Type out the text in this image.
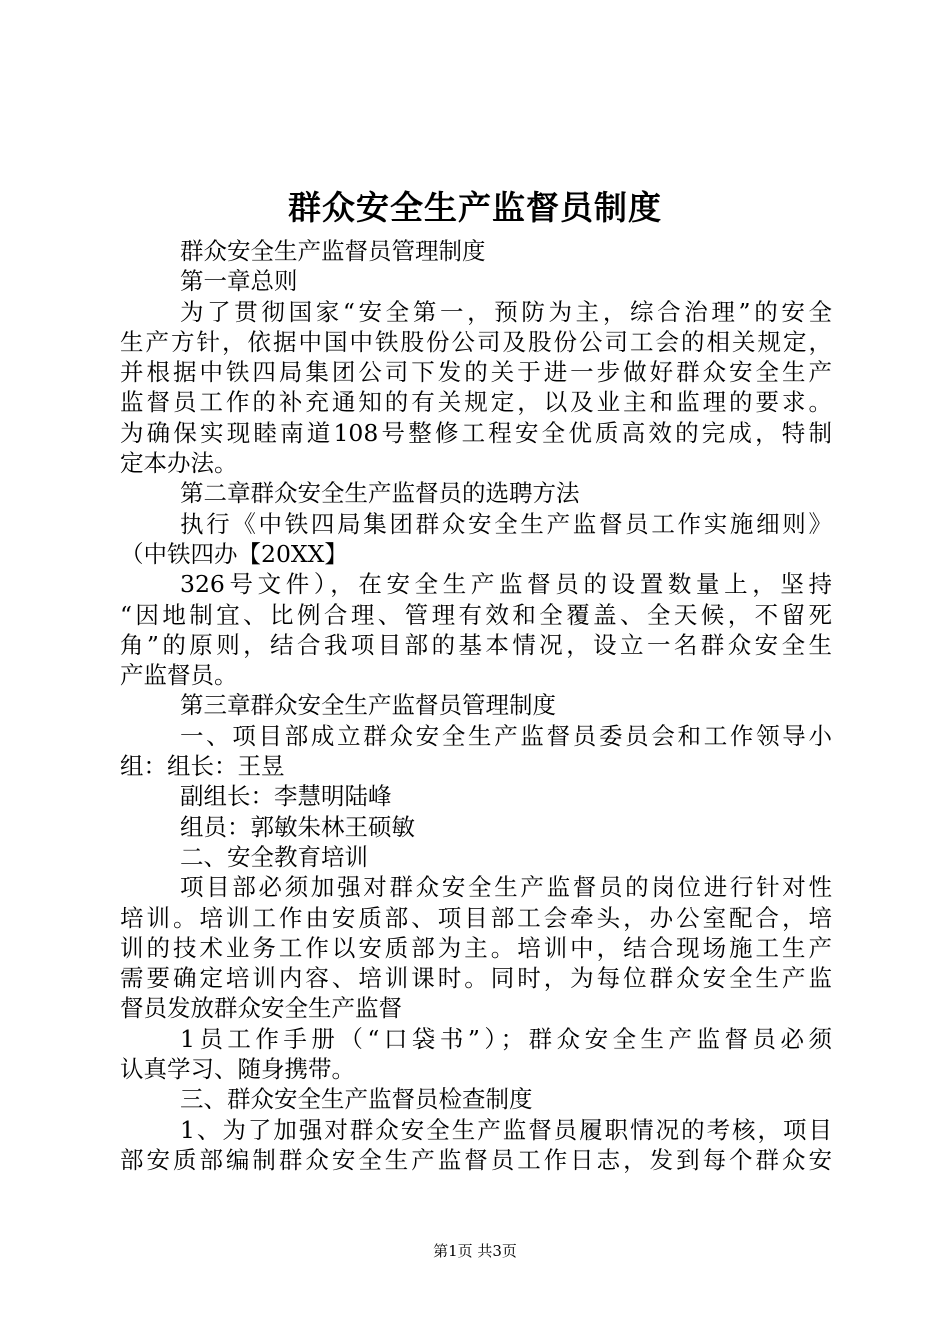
群众安全生产监督员制度
群众安全生产监督员管理制度
第一章总则
为了贯彻国家“安全第一，预防为主，综合治理”的安全
生产方针，依据中国中铁股份公司及股份公司工会的相关规定，
并根据中铁四局集团公司下发的关于进一步做好群众安全生产
监督员工作的补充通知的有关规定，以及业主和监理的要求。
为确保实现睦南道108号整修工程安全优质高效的完成，特制
定本办法。
第二章群众安全生产监督员的选聘方法
执行《中铁四局集团群众安全生产监督员工作实施细则》
（中铁四办【20XX】
326号文件），在安全生产监督员的设置数量上，坚持
“因地制宜、比例合理、管理有效和全覆盖、全天候，不留死
角”的原则，结合我项目部的基本情况，设立一名群众安全生
产监督员。
第三章群众安全生产监督员管理制度
一、项目部成立群众安全生产监督员委员会和工作领导小
组：组长：王昱
副组长：李慧明陆峰
组员：郭敏朱林王硕敏
二、安全教育培训
项目部必须加强对群众安全生产监督员的岗位进行针对性
培训。培训工作由安质部、项目部工会牵头，办公室配合，培
训的技术业务工作以安质部为主。培训中，结合现场施工生产
需要确定培训内容、培训课时。同时，为每位群众安全生产监
督员发放群众安全生产监督
1员工作手册（“口袋书”）；群众安全生产监督员必须
认真学习、随身携带。
三、群众安全生产监督员检查制度
1、为了加强对群众安全生产监督员履职情况的考核，项目
部安质部编制群众安全生产监督员工作日志，发到每个群众安
第1页 共3页
